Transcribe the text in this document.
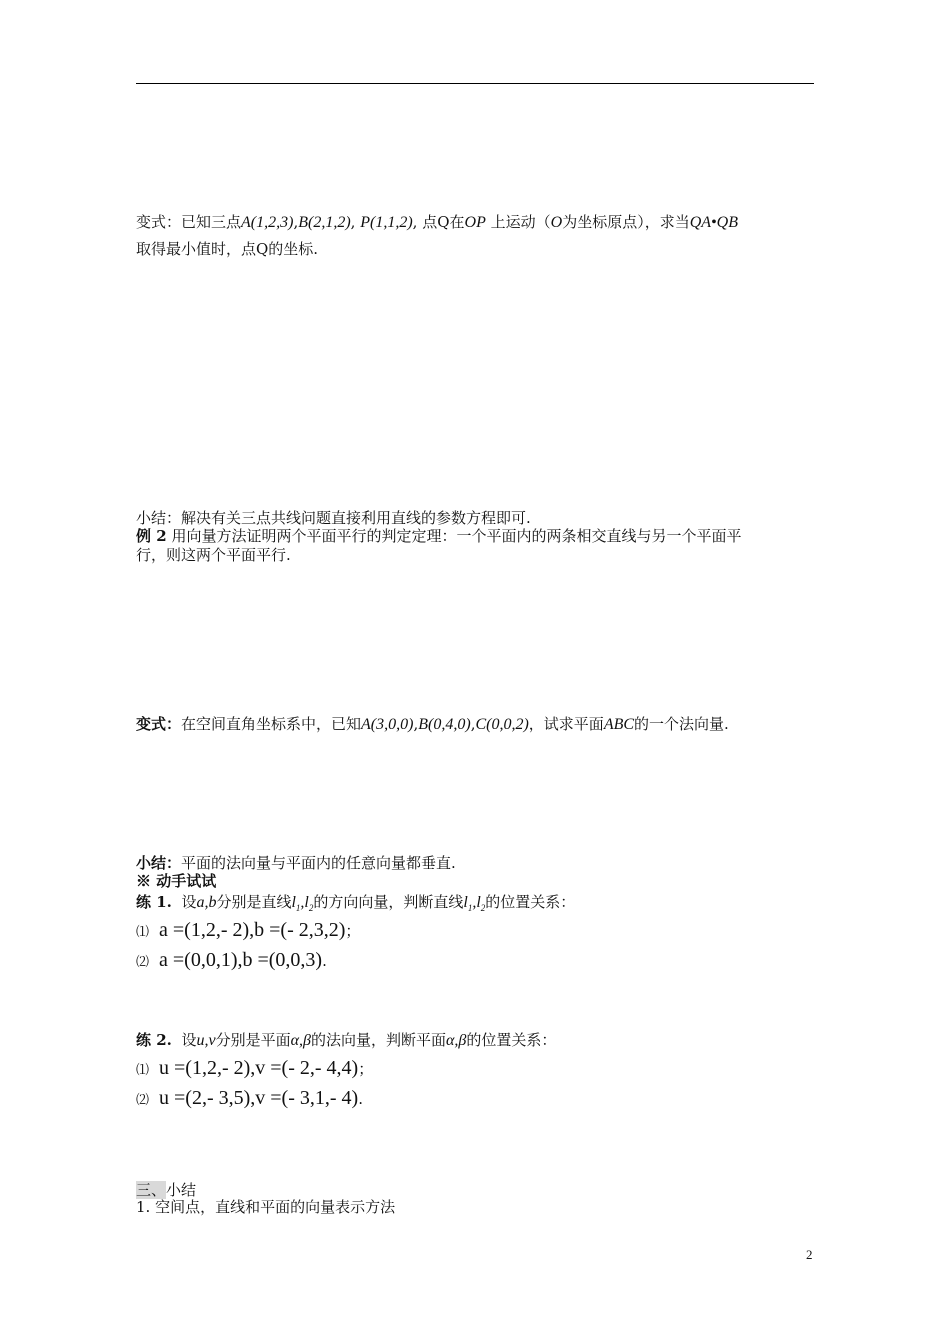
变式：已知三点A(1,2,3),B(2,1,2), P(1,1,2), 点Q在OP 上运动（O为坐标原点），求当QA•QB
取得最小值时，点Q的坐标.
小结：解决有关三点共线问题直接利用直线的参数方程即可.
例 2 用向量方法证明两个平面平行的判定定理：一个平面内的两条相交直线与另一个平面平
行，则这两个平面平行.
变式：在空间直角坐标系中，已知A(3,0,0),B(0,4,0),C(0,0,2)，试求平面ABC的一个法向量.
小结：平面的法向量与平面内的任意向量都垂直.
※ 动手试试
练 1. 设a,b分别是直线$l_1,l_2$的方向向量，判断直线$l_1,l_2$的位置关系：
⑴ a =(1,2,- 2),b =(- 2,3,2)；
⑵ a =(0,0,1),b =(0,0,3).
练 2. 设u,v分别是平面α,β的法向量，判断平面α,β的位置关系：
⑴ u =(1,2,- 2),v =(- 2,- 4,4)；
⑵ u =(2,- 3,5),v =(- 3,1,- 4).
三、小结
1. 空间点，直线和平面的向量表示方法
2
